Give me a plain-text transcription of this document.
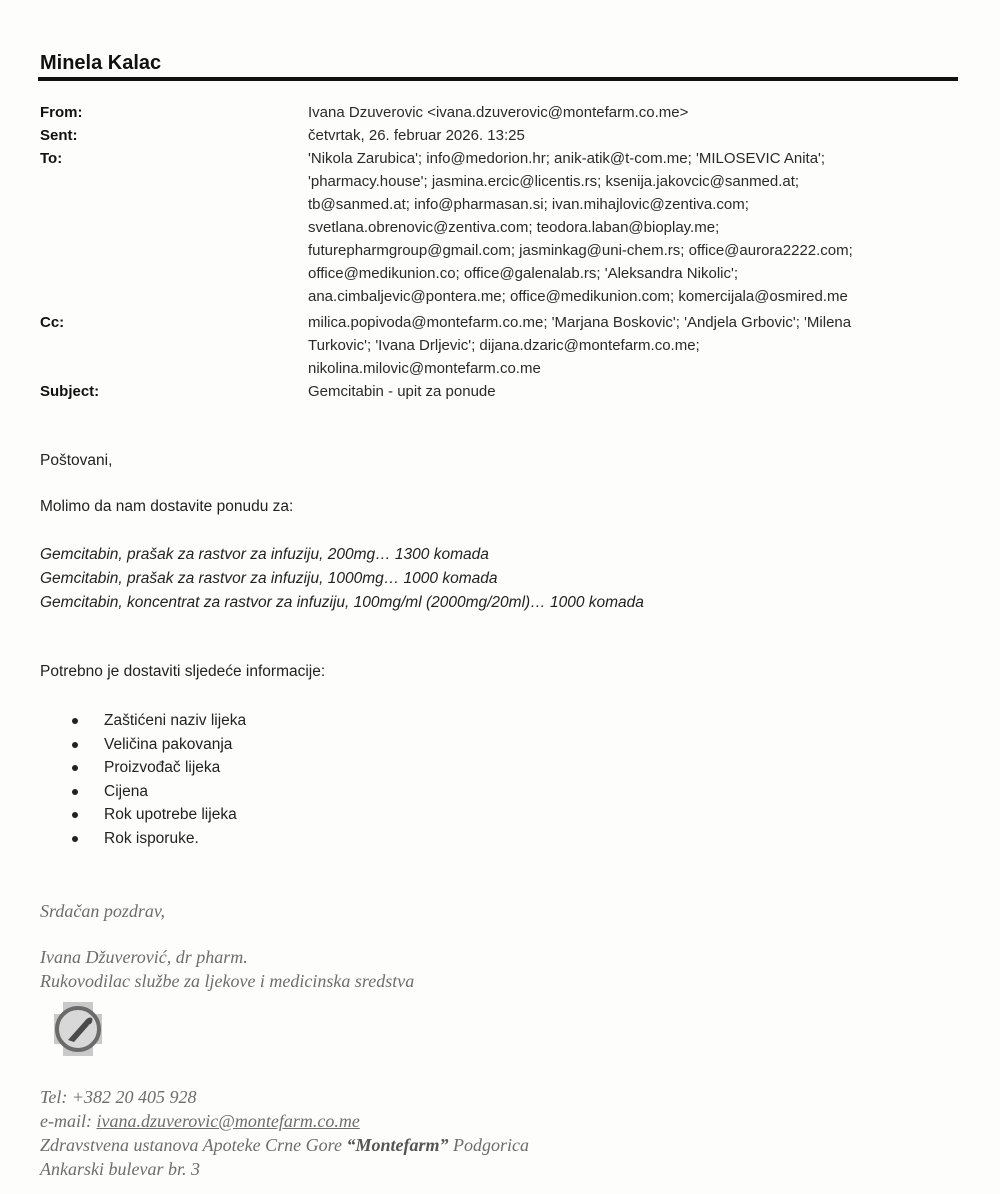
Minela Kalac
From:	Ivana Dzuverovic <ivana.dzuverovic@montefarm.co.me>
Sent:	četvrtak, 26. februar 2026. 13:25
To:	'Nikola Zarubica'; info@medorion.hr; anik-atik@t-com.me; 'MILOSEVIC Anita';
'pharmacy.house'; jasmina.ercic@licentis.rs; ksenija.jakovcic@sanmed.at;
tb@sanmed.at; info@pharmasan.si; ivan.mihajlovic@zentiva.com;
svetlana.obrenovic@zentiva.com; teodora.laban@bioplay.me;
futurepharmgroup@gmail.com; jasminkag@uni-chem.rs; office@aurora2222.com;
office@medikunion.co; office@galenalab.rs; 'Aleksandra Nikolic';
ana.cimbaljevic@pontera.me; office@medikunion.com; komercijala@osmired.me
Cc:	milica.popivoda@montefarm.co.me; 'Marjana Boskovic'; 'Andjela Grbovic'; 'Milena
Turkovic'; 'Ivana Drljevic'; dijana.dzaric@montefarm.co.me;
nikolina.milovic@montefarm.co.me
Subject:	Gemcitabin - upit za ponude
Poštovani,
Molimo da nam dostavite ponudu za:
Gemcitabin, prašak za rastvor za infuziju, 200mg… 1300 komada
Gemcitabin, prašak za rastvor za infuziju, 1000mg… 1000 komada
Gemcitabin, koncentrat za rastvor za infuziju, 100mg/ml (2000mg/20ml)… 1000 komada
Potrebno je dostaviti sljedeće informacije:
Zaštićeni naziv lijeka
Veličina pakovanja
Proizvođač lijeka
Cijena
Rok upotrebe lijeka
Rok isporuke.
Srdačan pozdrav,
Ivana Džuverović, dr pharm.
Rukovodilac službe za ljekove i medicinska sredstva
Tel: +382 20 405 928
e-mail: ivana.dzuverovic@montefarm.co.me
Zdravstvena ustanova Apoteke Crne Gore “Montefarm” Podgorica
Ankarski bulevar br. 3
